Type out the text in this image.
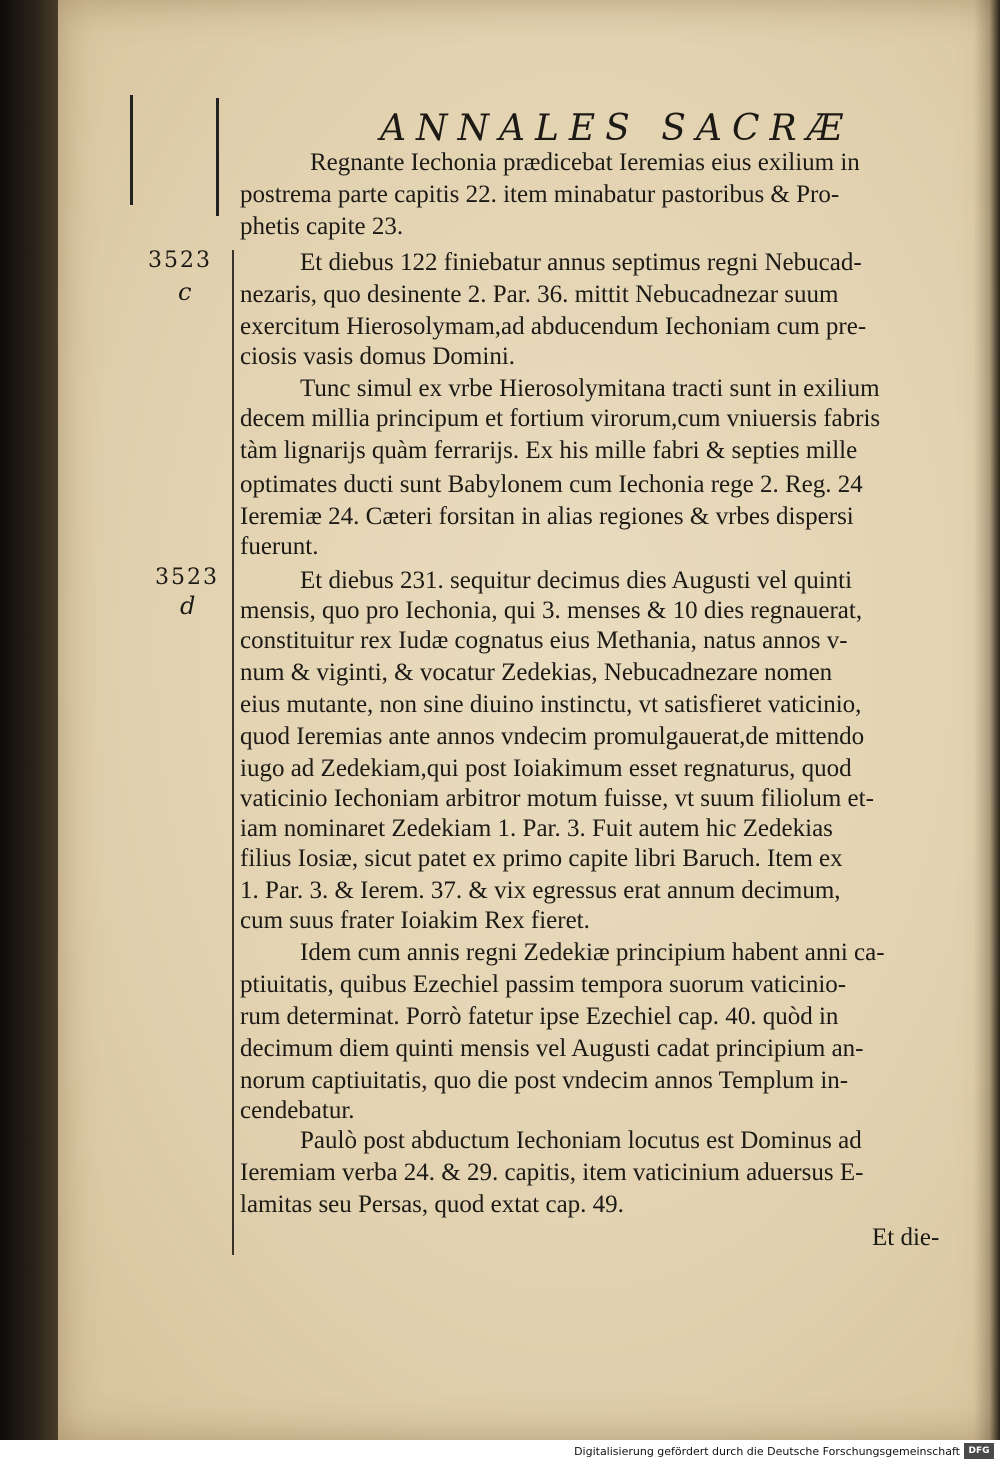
ANNALES SACRÆ
3523
c
3523
d

Regnante Iechonia prædicebat Ieremias eius exilium in

postrema parte capitis 22. item minabatur pastoribus & Pro-

phetis capite 23.

Et diebus 122 finiebatur annus septimus regni Nebucad-

nezaris, quo desinente 2. Par. 36. mittit Nebucadnezar suum

exercitum Hierosolymam,ad abducendum Iechoniam cum pre-

ciosis vasis domus Domini.

Tunc simul ex vrbe Hierosolymitana tracti sunt in exilium

decem millia principum et fortium virorum,cum vniuersis fabris

tàm lignarijs quàm ferrarijs. Ex his mille fabri & septies mille

optimates ducti sunt Babylonem cum Iechonia rege 2. Reg. 24

Ieremiæ 24. Cæteri forsitan in alias regiones & vrbes dispersi

fuerunt.

Et diebus 231. sequitur decimus dies Augusti vel quinti

mensis, quo pro Iechonia, qui 3. menses & 10 dies regnauerat,

constituitur rex Iudæ cognatus eius Methania, natus annos v-

num & viginti, & vocatur Zedekias, Nebucadnezare nomen

eius mutante, non sine diuino instinctu, vt satisfieret vaticinio,

quod Ieremias ante annos vndecim promulgauerat,de mittendo

iugo ad Zedekiam,qui post Ioiakimum esset regnaturus, quod

vaticinio Iechoniam arbitror motum fuisse, vt suum filiolum et-

iam nominaret Zedekiam 1. Par. 3. Fuit autem hic Zedekias

filius Iosiæ, sicut patet ex primo capite libri Baruch. Item ex

1. Par. 3. & Ierem. 37. & vix egressus erat annum decimum,

cum suus frater Ioiakim Rex fieret.

Idem cum annis regni Zedekiæ principium habent anni ca-

ptiuitatis, quibus Ezechiel passim tempora suorum vaticinio-

rum determinat. Porrò fatetur ipse Ezechiel cap. 40. quòd in

decimum diem quinti mensis vel Augusti cadat principium an-

norum captiuitatis, quo die post vndecim annos Templum in-

cendebatur.

Paulò post abductum Iechoniam locutus est Dominus ad

Ieremiam verba 24. & 29. capitis, item vaticinium aduersus E-

lamitas seu Persas, quod extat cap. 49.

Et die-
Digitalisierung gefördert durch die Deutsche Forschungsgemeinschaft DFG
